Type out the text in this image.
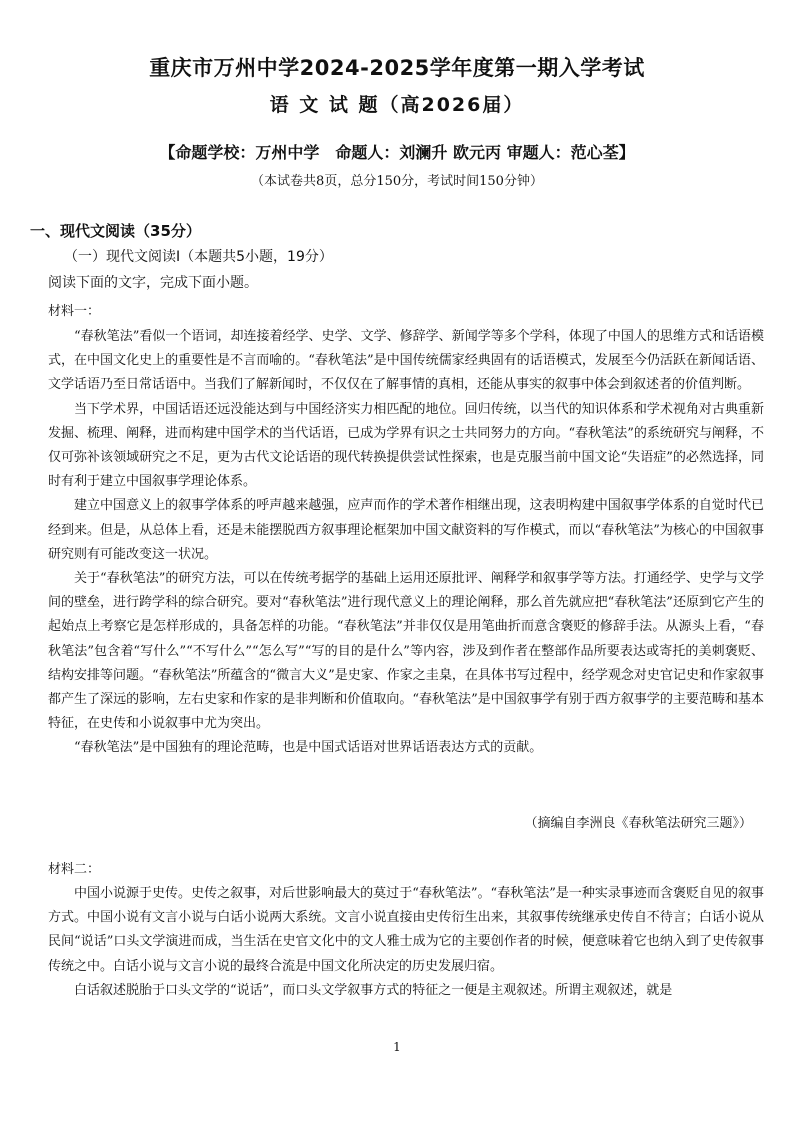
重庆市万州中学2024-2025学年度第一期入学考试
语 文 试 题（高2026届）
【命题学校：万州中学　命题人：刘澜升 欧元丙 审题人：范心荃】
（本试卷共8页，总分150分，考试时间150分钟）
一、现代文阅读（35分）
（一）现代文阅读Ⅰ（本题共5小题，19分）
阅读下面的文字，完成下面小题。
材料一：

“春秋笔法”看似一个语词，却连接着经学、史学、文学、修辞学、新闻学等多个学科，体现了中国人的思维方式和话语模式，在中国文化史上的重要性是不言而喻的。“春秋笔法”是中国传统儒家经典固有的话语模式，发展至今仍活跃在新闻话语、文学话语乃至日常话语中。当我们了解新闻时，不仅仅在了解事情的真相，还能从事实的叙事中体会到叙述者的价值判断。

当下学术界，中国话语还远没能达到与中国经济实力相匹配的地位。回归传统，以当代的知识体系和学术视角对古典重新发掘、梳理、阐释，进而构建中国学术的当代话语，已成为学界有识之士共同努力的方向。“春秋笔法”的系统研究与阐释，不仅可弥补该领域研究之不足，更为古代文论话语的现代转换提供尝试性探索，也是克服当前中国文论“失语症”的必然选择，同时有利于建立中国叙事学理论体系。

建立中国意义上的叙事学体系的呼声越来越强，应声而作的学术著作相继出现，这表明构建中国叙事学体系的自觉时代已经到来。但是，从总体上看，还是未能摆脱西方叙事理论框架加中国文献资料的写作模式，而以“春秋笔法”为核心的中国叙事研究则有可能改变这一状况。

关于“春秋笔法”的研究方法，可以在传统考据学的基础上运用还原批评、阐释学和叙事学等方法。打通经学、史学与文学间的壁垒，进行跨学科的综合研究。要对“春秋笔法”进行现代意义上的理论阐释，那么首先就应把“春秋笔法”还原到它产生的起始点上考察它是怎样形成的，具备怎样的功能。“春秋笔法”并非仅仅是用笔曲折而意含褒贬的修辞手法。从源头上看，“春秋笔法”包含着“写什么”“不写什么”“怎么写”“写的目的是什么”等内容，涉及到作者在整部作品所要表达或寄托的美刺褒贬、结构安排等问题。“春秋笔法”所蕴含的“微言大义”是史家、作家之圭臬，在具体书写过程中，经学观念对史官记史和作家叙事都产生了深远的影响，左右史家和作家的是非判断和价值取向。“春秋笔法”是中国叙事学有别于西方叙事学的主要范畴和基本特征，在史传和小说叙事中尤为突出。

“春秋笔法”是中国独有的理论范畴，也是中国式话语对世界话语表达方式的贡献。

（摘编自李洲良《春秋笔法研究三题》）
材料二：

中国小说源于史传。史传之叙事，对后世影响最大的莫过于“春秋笔法”。“春秋笔法”是一种实录事迹而含褒贬自见的叙事方式。中国小说有文言小说与白话小说两大系统。文言小说直接由史传衍生出来，其叙事传统继承史传自不待言；白话小说从民间“说话”口头文学演进而成，当生活在史官文化中的文人雅士成为它的主要创作者的时候，便意味着它也纳入到了史传叙事传统之中。白话小说与文言小说的最终合流是中国文化所决定的历史发展归宿。

白话叙述脱胎于口头文学的“说话”，而口头文学叙事方式的特征之一便是主观叙述。所谓主观叙述，就是

1
